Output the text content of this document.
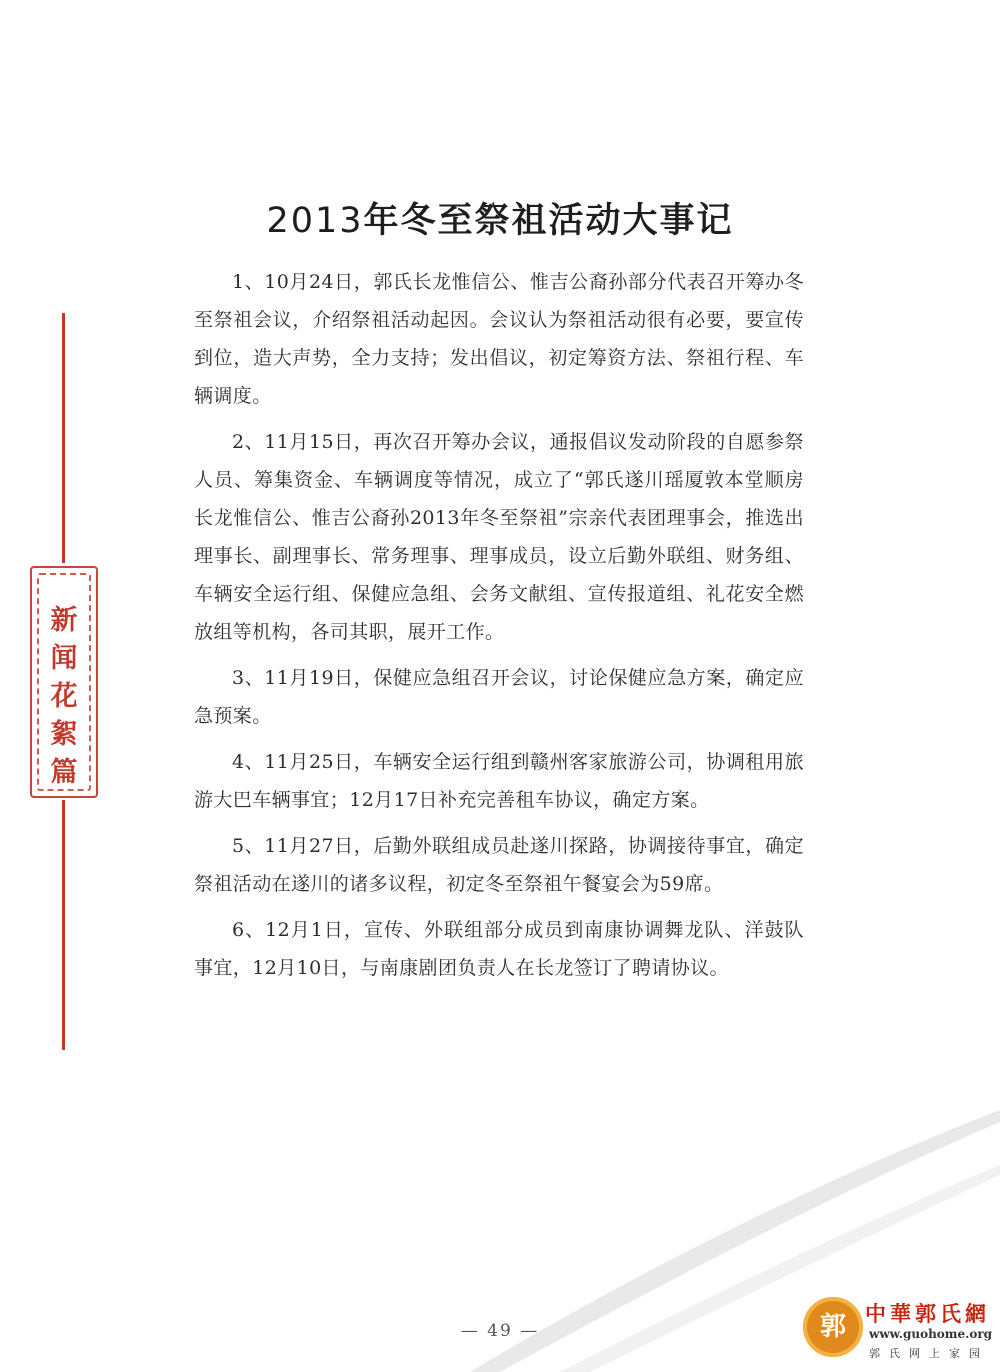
2013年冬至祭祖活动大事记
新
闻
花
絮
篇

1、10月24日，郭氏长龙惟信公、惟吉公裔孙部分代表召开筹办冬至祭祖会议，介绍祭祖活动起因。会议认为祭祖活动很有必要，要宣传到位，造大声势，全力支持；发出倡议，初定筹资方法、祭祖行程、车辆调度。

2、11月15日，再次召开筹办会议，通报倡议发动阶段的自愿参祭人员、筹集资金、车辆调度等情况，成立了“郭氏遂川瑶厦敦本堂顺房长龙惟信公、惟吉公裔孙2013年冬至祭祖”宗亲代表团理事会，推选出理事长、副理事长、常务理事、理事成员，设立后勤外联组、财务组、车辆安全运行组、保健应急组、会务文献组、宣传报道组、礼花安全燃放组等机构，各司其职，展开工作。

3、11月19日，保健应急组召开会议，讨论保健应急方案，确定应急预案。

4、11月25日，车辆安全运行组到赣州客家旅游公司，协调租用旅游大巴车辆事宜；12月17日补充完善租车协议，确定方案。

5、11月27日，后勤外联组成员赴遂川探路，协调接待事宜，确定祭祖活动在遂川的诸多议程，初定冬至祭祖午餐宴会为59席。

6、12月1日，宣传、外联组部分成员到南康协调舞龙队、洋鼓队事宜，12月10日，与南康剧团负责人在长龙签订了聘请协议。

— 49 —	郭 中華郭氏網
www.guohome.org
郭氏网上家园
